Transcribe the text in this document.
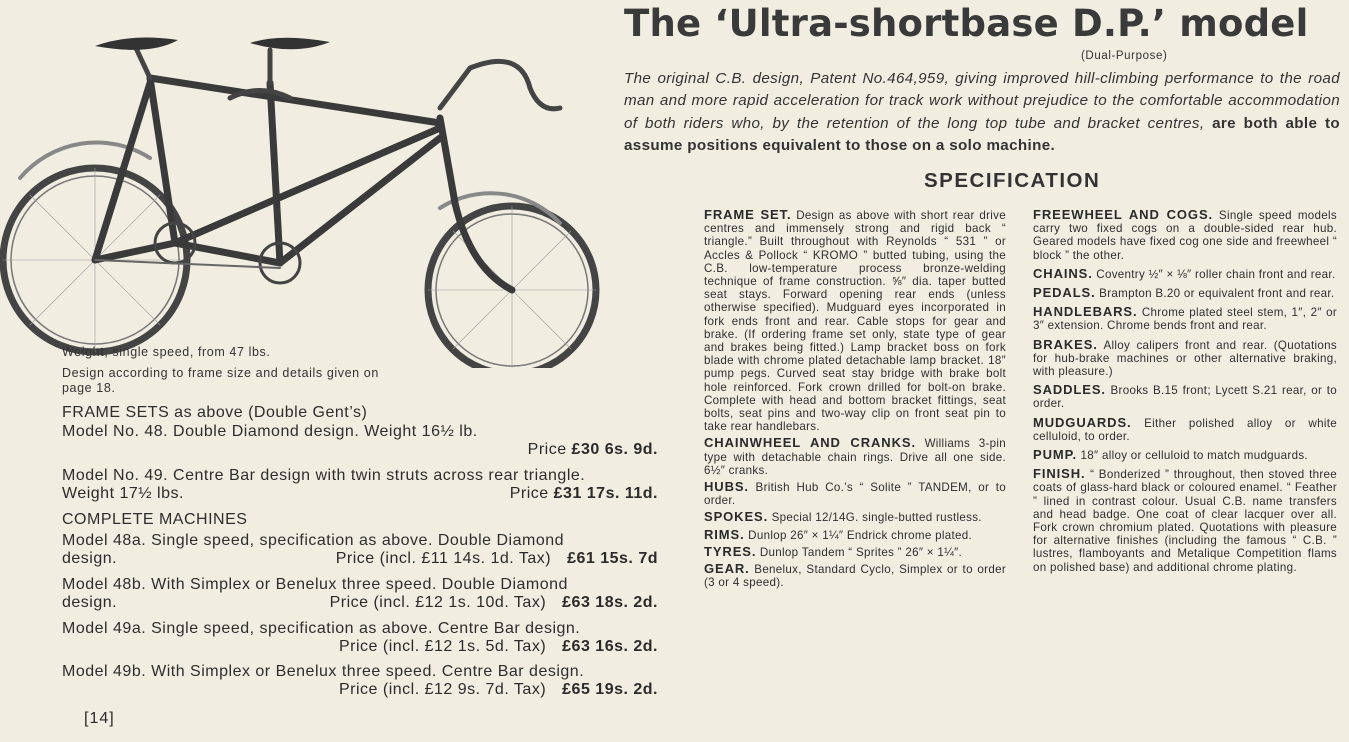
Weight, single speed, from 47 lbs.
Design according to frame size and details given on
page 18.
FRAME SETS as above (Double Gent’s)
Model No. 48. Double Diamond design. Weight 16½ lb.
Price
£30 6s. 9d.
Model No. 49. Centre Bar design with twin struts across rear triangle.
Weight 17½ lbs.	Price £31 17s. 11d.
COMPLETE MACHINES
Model 48a. Single speed, specification as above. Double Diamond
design.	Price (incl. £11 14s. 1d. Tax) £61 15s. 7d
Model 48b. With Simplex or Benelux three speed. Double Diamond
design.	Price (incl. £12 1s. 10d. Tax) £63 18s. 2d.
Model 49a. Single speed, specification as above. Centre Bar design.
Price (incl. £12 1s. 5d. Tax) £63 16s. 2d.
Model 49b. With Simplex or Benelux three speed. Centre Bar design.
Price (incl. £12 9s. 7d. Tax) £65 19s. 2d.
[14]
The ‘Ultra-shortbase D.P.’ model
(Dual-Purpose)
The original C.B. design, Patent No.464,959, giving improved hill-climbing performance to the road man and more rapid acceleration for track work without prejudice to the comfortable accommodation of both riders who, by the retention of the long top tube and bracket centres, are both able to assume positions equivalent to those on a solo machine.
SPECIFICATION

FRAME SET. Design as above with short rear drive centres and immensely strong and rigid back “ triangle.” Built throughout with Reynolds “ 531 ” or Accles & Pollock “ KROMO ” butted tubing, using the C.B. low-temperature process bronze-welding technique of frame construction. ⅝″ dia. taper butted seat stays. Forward opening rear ends (unless otherwise specified). Mudguard eyes incorporated in fork ends front and rear. Cable stops for gear and brake. (If ordering frame set only, state type of gear and brakes being fitted.) Lamp bracket boss on fork blade with chrome plated detachable lamp bracket. 18″ pump pegs. Curved seat stay bridge with brake bolt hole reinforced. Fork crown drilled for bolt-on brake. Complete with head and bottom bracket fittings, seat bolts, seat pins and two-way clip on front seat pin to take rear handlebars.

CHAINWHEEL AND CRANKS. Williams 3-pin type with detachable chain rings. Drive all one side. 6½″ cranks.

HUBS. British Hub Co.’s “ Solite ” TANDEM, or to order.

SPOKES. Special 12/14G. single-butted rustless.

RIMS. Dunlop 26″ × 1¼″ Endrick chrome plated.

TYRES. Dunlop Tandem “ Sprites ” 26″ × 1¼″.

GEAR. Benelux, Standard Cyclo, Simplex or to order (3 or 4 speed).

FREEWHEEL AND COGS. Single speed models carry two fixed cogs on a double-sided rear hub. Geared models have fixed cog one side and freewheel “ block ” the other.

CHAINS. Coventry ½″ × ⅛″ roller chain front and rear.

PEDALS. Brampton B.20 or equivalent front and rear.

HANDLEBARS. Chrome plated steel stem, 1″, 2″ or 3″ extension. Chrome bends front and rear.

BRAKES. Alloy calipers front and rear. (Quotations for hub-brake machines or other alternative braking, with pleasure.)

SADDLES. Brooks B.15 front; Lycett S.21 rear, or to order.

MUDGUARDS. Either polished alloy or white celluloid, to order.

PUMP. 18″ alloy or celluloid to match mudguards.

FINISH. “ Bonderized ” throughout, then stoved three coats of glass-hard black or coloured enamel. “ Feather ” lined in contrast colour. Usual C.B. name transfers and head badge. One coat of clear lacquer over all. Fork crown chromium plated. Quotations with pleasure for alternative finishes (including the famous “ C.B. ” lustres, flamboyants and Metalique Competition flams on polished base) and additional chrome plating.
